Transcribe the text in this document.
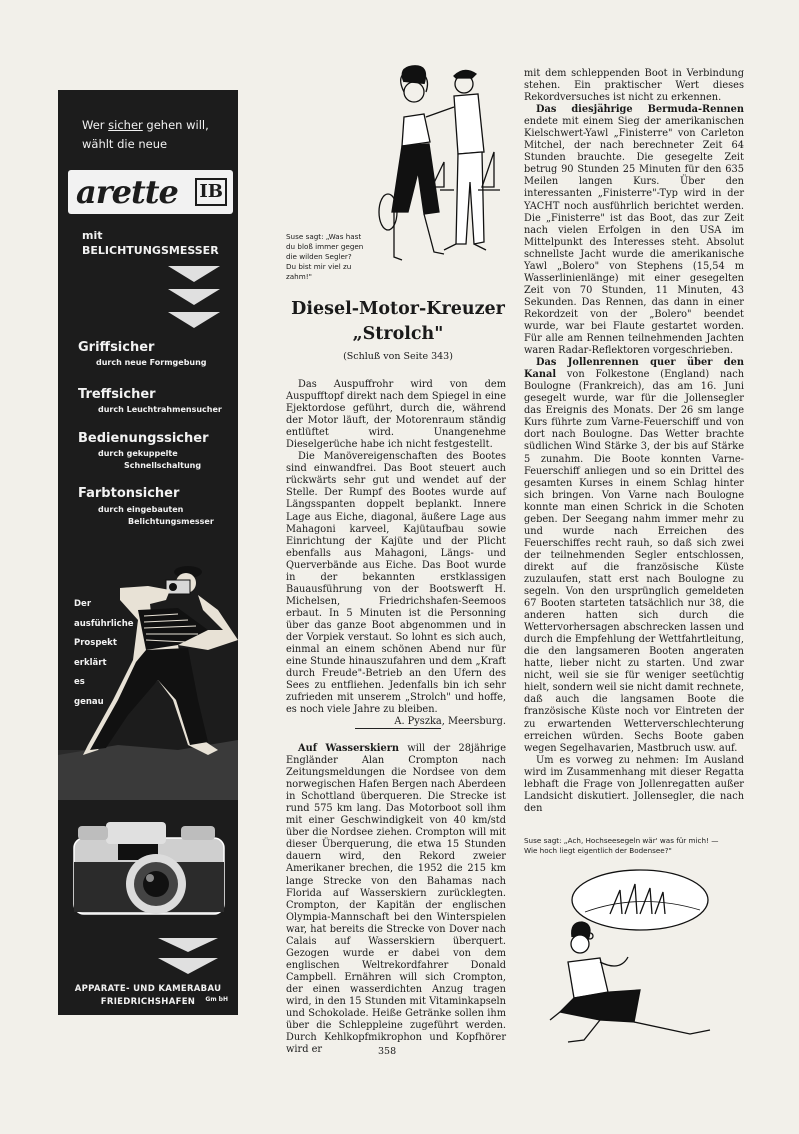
Wer sicher gehen will,
wählt die neue
arette IB
mit
BELICHTUNGSMESSER
Griffsicher
durch neue Formgebung
Treffsicher
durch Leuchtrahmensucher
Bedienungssicher
durch gekuppelte
Schnellschaltung
Farbtonsicher
durch eingebauten
Belichtungsmesser
Der
ausführliche
Prospekt
erklärt
es
genau
APPARATE- UND KAMERABAU
FRIEDRICHSHAFEN	Gm bH
Suse sagt: „Was hast
du bloß immer gegen
die wilden Segler?
Du bist mir viel zu
zahm!"
Diesel-Motor-Kreuzer
„Strolch"
(Schluß von Seite 343)

Das Auspuffrohr wird von dem Auspufftopf direkt nach dem Spiegel in eine Ejektordose geführt, durch die, während der Motor läuft, der Motorenraum ständig entlüftet wird. Unangenehme Dieselgerüche habe ich nicht festgestellt.

Die Manövereigenschaften des Bootes sind einwandfrei. Das Boot steuert auch rückwärts sehr gut und wendet auf der Stelle. Der Rumpf des Bootes wurde auf Längsspanten doppelt beplankt. Innere Lage aus Eiche, diagonal, äußere Lage aus Mahagoni karveel, Kajütaufbau sowie Einrichtung der Kajüte und der Plicht ebenfalls aus Mahagoni, Längs- und Querverbände aus Eiche. Das Boot wurde in der bekannten erstklassigen Bauausführung von der Bootswerft H. Michelsen, Friedrichshafen-Seemoos erbaut. In 5 Minuten ist die Personning über das ganze Boot abgenommen und in der Vorpiek verstaut. So lohnt es sich auch, einmal an einem schönen Abend nur für eine Stunde hinauszufahren und dem „Kraft durch Freude"-Betrieb an den Ufern des Sees zu entfliehen. Jedenfalls bin ich sehr zufrieden mit unserem „Strolch" und hoffe, es noch viele Jahre zu bleiben.

A. Pyszka, Meersburg.

Auf Wasserskiern will der 28jährige Engländer Alan Crompton nach Zeitungsmeldungen die Nordsee von dem norwegischen Hafen Bergen nach Aberdeen in Schottland überqueren. Die Strecke ist rund 575 km lang. Das Motorboot soll ihm mit einer Geschwindigkeit von 40 km/std über die Nordsee ziehen. Crompton will mit dieser Überquerung, die etwa 15 Stunden dauern wird, den Rekord zweier Amerikaner brechen, die 1952 die 215 km lange Strecke von den Bahamas nach Florida auf Wasserskiern zurücklegten. Crompton, der Kapitän der englischen Olympia-Mannschaft bei den Winterspielen war, hat bereits die Strecke von Dover nach Calais auf Wasserskiern überquert. Gezogen wurde er dabei von dem englischen Weltrekordfahrer Donald Campbell. Ernähren will sich Crompton, der einen wasserdichten Anzug tragen wird, in den 15 Stunden mit Vitaminkapseln und Schokolade. Heiße Getränke sollen ihm über die Schleppleine zugeführt werden. Durch Kehlkopfmikrophon und Kopfhörer wird er

mit dem schleppenden Boot in Verbindung stehen. Ein praktischer Wert dieses Rekordversuches ist nicht zu erkennen.

Das diesjährige Bermuda-Rennen endete mit einem Sieg der amerikanischen Kielschwert-Yawl „Finisterre" von Carleton Mitchel, der nach berechneter Zeit 64 Stunden brauchte. Die gesegelte Zeit betrug 90 Stunden 25 Minuten für den 635 Meilen langen Kurs. Über den interessanten „Finisterre"-Typ wird in der YACHT noch ausführlich berichtet werden. Die „Finisterre" ist das Boot, das zur Zeit nach vielen Erfolgen in den USA im Mittelpunkt des Interesses steht. Absolut schnellste Jacht wurde die amerikanische Yawl „Bolero" von Stephens (15,54 m Wasserlinienlänge) mit einer gesegelten Zeit von 70 Stunden, 11 Minuten, 43 Sekunden. Das Rennen, das dann in einer Rekordzeit von der „Bolero" beendet wurde, war bei Flaute gestartet worden. Für alle am Rennen teilnehmenden Jachten waren Radar-Reflektoren vorgeschrieben.

Das Jollenrennen quer über den Kanal von Folkestone (England) nach Boulogne (Frankreich), das am 16. Juni gesegelt wurde, war für die Jollensegler das Ereignis des Monats. Der 26 sm lange Kurs führte zum Varne-Feuerschiff und von dort nach Boulogne. Das Wetter brachte südlichen Wind Stärke 3, der bis auf Stärke 5 zunahm. Die Boote konnten Varne-Feuerschiff anliegen und so ein Drittel des gesamten Kurses in einem Schlag hinter sich bringen. Von Varne nach Boulogne konnte man einen Schrick in die Schoten geben. Der Seegang nahm immer mehr zu und wurde nach Erreichen des Feuerschiffes recht rauh, so daß sich zwei der teilnehmenden Segler entschlossen, direkt auf die französische Küste zuzulaufen, statt erst nach Boulogne zu segeln. Von den ursprünglich gemeldeten 67 Booten starteten tatsächlich nur 38, die anderen hatten sich durch die Wettervorhersagen abschrecken lassen und durch die Empfehlung der Wettfahrtleitung, die den langsameren Booten angeraten hatte, lieber nicht zu starten. Und zwar nicht, weil sie sie für weniger seetüchtig hielt, sondern weil sie nicht damit rechnete, daß auch die langsamen Boote die französische Küste noch vor Eintreten der zu erwartenden Wetterverschlechterung erreichen würden. Sechs Boote gaben wegen Segelhavarien, Mastbruch usw. auf.

Um es vorweg zu nehmen: Im Ausland wird im Zusammenhang mit dieser Regatta lebhaft die Frage von Jollenregatten außer Landsicht diskutiert. Jollensegler, die nach den

Suse sagt: „Ach, Hochseesegeln wär' was für mich! —
Wie hoch liegt eigentlich der Bodensee?"
358
